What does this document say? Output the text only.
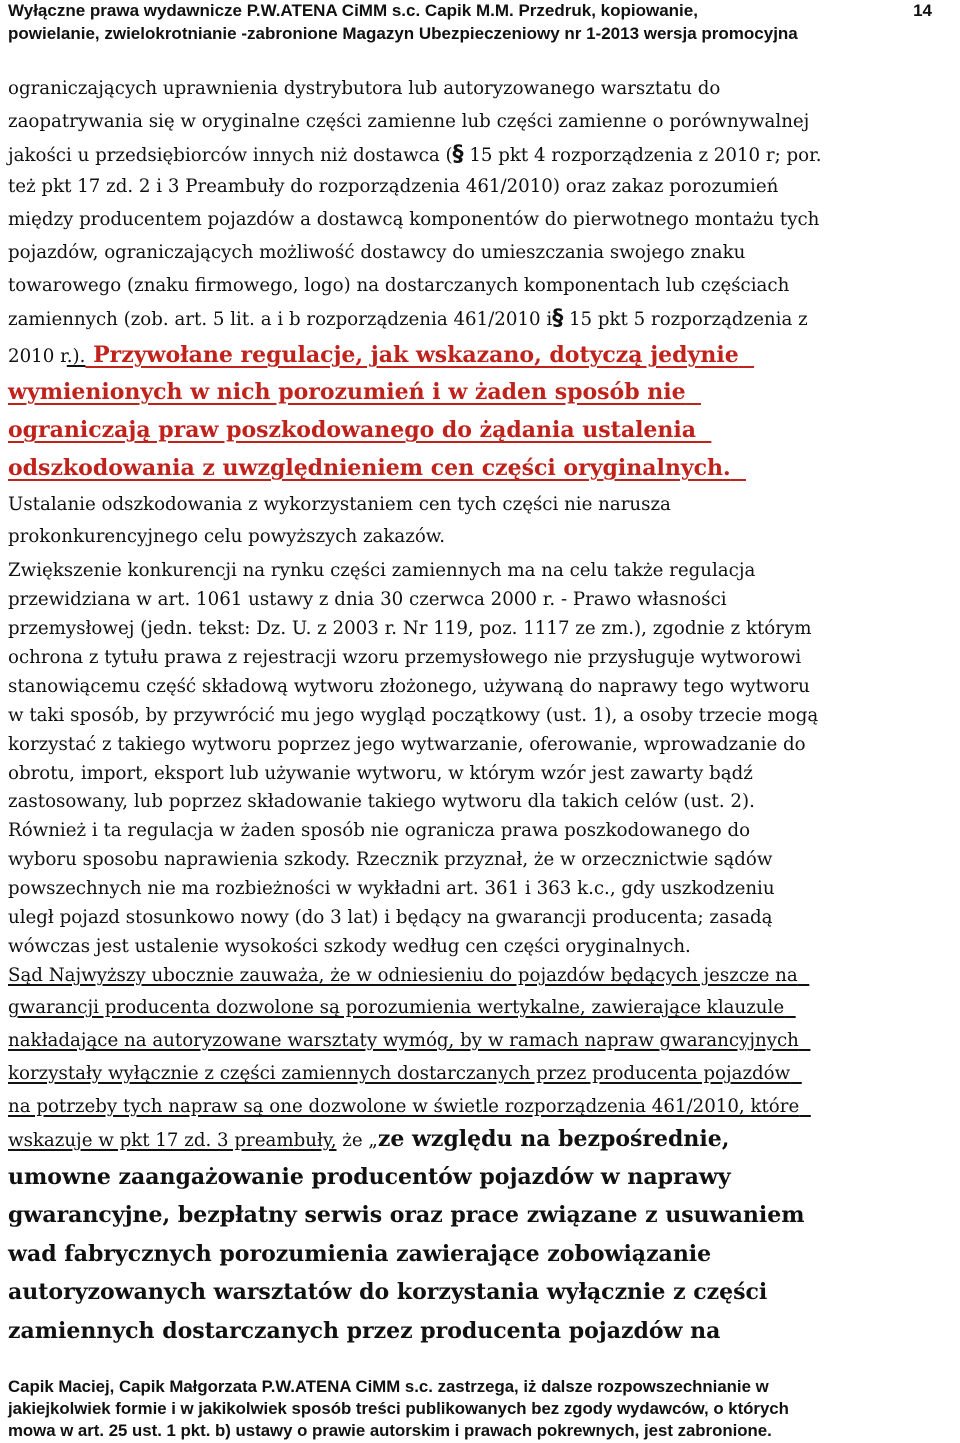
Wyłączne prawa wydawnicze P.W.ATENA CiMM s.c. Capik M.M. Przedruk, kopiowanie,	14
powielanie, zwielokrotnianie -zabronione Magazyn Ubezpieczeniowy nr 1-2013 wersja promocyjna
ograniczających uprawnienia dystrybutora lub autoryzowanego warsztatu do
zaopatrywania się w oryginalne części zamienne lub części zamienne o porównywalnej
jakości u przedsiębiorców innych niż dostawca (§ 15 pkt 4 rozporządzenia z 2010 r; por.
też pkt 17 zd. 2 i 3 Preambuły do rozporządzenia 461/2010) oraz zakaz porozumień
między producentem pojazdów a dostawcą komponentów do pierwotnego montażu tych
pojazdów, ograniczających możliwość dostawcy do umieszczania swojego znaku
towarowego (znaku firmowego, logo) na dostarczanych komponentach lub częściach
zamiennych (zob. art. 5 lit. a i b rozporządzenia 461/2010 i§ 15 pkt 5 rozporządzenia z
2010 r.). Przywołane regulacje, jak wskazano, dotyczą jedynie
wymienionych w nich porozumień i w żaden sposób nie
ograniczają praw poszkodowanego do żądania ustalenia
odszkodowania z uwzględnieniem cen części oryginalnych.
Ustalanie odszkodowania z wykorzystaniem cen tych części nie narusza
prokonkurencyjnego celu powyższych zakazów.
Zwiększenie konkurencji na rynku części zamiennych ma na celu także regulacja
przewidziana w art. 1061 ustawy z dnia 30 czerwca 2000 r. - Prawo własności
przemysłowej (jedn. tekst: Dz. U. z 2003 r. Nr 119, poz. 1117 ze zm.), zgodnie z którym
ochrona z tytułu prawa z rejestracji wzoru przemysłowego nie przysługuje wytworowi
stanowiącemu część składową wytworu złożonego, używaną do naprawy tego wytworu
w taki sposób, by przywrócić mu jego wygląd początkowy (ust. 1), a osoby trzecie mogą
korzystać z takiego wytworu poprzez jego wytwarzanie, oferowanie, wprowadzanie do
obrotu, import, eksport lub używanie wytworu, w którym wzór jest zawarty bądź
zastosowany, lub poprzez składowanie takiego wytworu dla takich celów (ust. 2).
Również i ta regulacja w żaden sposób nie ogranicza prawa poszkodowanego do
wyboru sposobu naprawienia szkody. Rzecznik przyznał, że w orzecznictwie sądów
powszechnych nie ma rozbieżności w wykładni art. 361 i 363 k.c., gdy uszkodzeniu
uległ pojazd stosunkowo nowy (do 3 lat) i będący na gwarancji producenta; zasadą
wówczas jest ustalenie wysokości szkody według cen części oryginalnych.
Sąd Najwyższy ubocznie zauważa, że w odniesieniu do pojazdów będących jeszcze na
gwarancji producenta dozwolone są porozumienia wertykalne, zawierające klauzule
nakładające na autoryzowane warsztaty wymóg, by w ramach napraw gwarancyjnych
korzystały wyłącznie z części zamiennych dostarczanych przez producenta pojazdów
na potrzeby tych napraw są one dozwolone w świetle rozporządzenia 461/2010, które
wskazuje w pkt 17 zd. 3 preambuły, że „ze względu na bezpośrednie,
umowne zaangażowanie producentów pojazdów w naprawy
gwarancyjne, bezpłatny serwis oraz prace związane z usuwaniem
wad fabrycznych porozumienia zawierające zobowiązanie
autoryzowanych warsztatów do korzystania wyłącznie z części
zamiennych dostarczanych przez producenta pojazdów na
Capik Maciej, Capik Małgorzata P.W.ATENA CiMM s.c. zastrzega, iż dalsze rozpowszechnianie w
jakiejkolwiek formie i w jakikolwiek sposób treści publikowanych bez zgody wydawców, o których
mowa w art. 25 ust. 1 pkt. b) ustawy o prawie autorskim i prawach pokrewnych, jest zabronione.
